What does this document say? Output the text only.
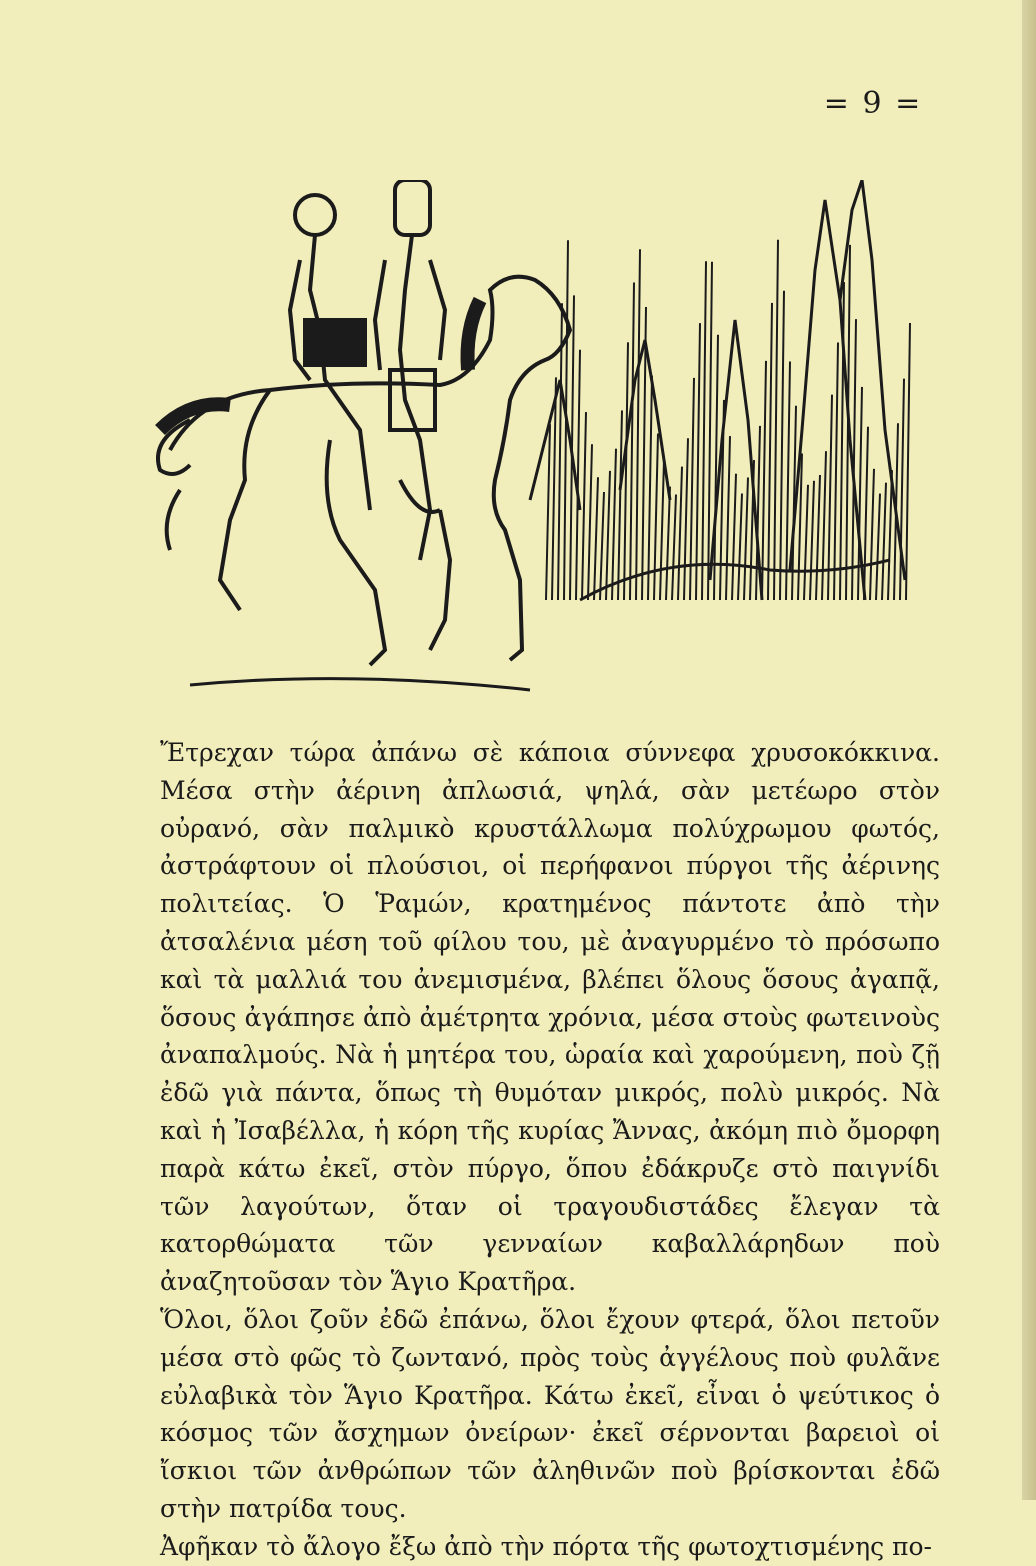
= 9 =

Ἔτρεχαν τώρα ἀπάνω σὲ κάποια σύννεφα χρυσοκόκκινα. Μέσα στὴν ἀέρινη ἀπλωσιά, ψηλά, σὰν μετέωρο στὸν οὐρανό, σὰν παλμικὸ κρυστάλλωμα πολύχρωμου φωτός, ἀστράφτουν οἱ πλούσιοι, οἱ περήφανοι πύργοι τῆς ἀέρινης πολιτείας. Ὁ Ῥαμών, κρατημένος πάντοτε ἀπὸ τὴν ἀτσαλένια μέση τοῦ φίλου του, μὲ ἀναγυρμένο τὸ πρόσωπο καὶ τὰ μαλλιά του ἀνεμισμένα, βλέπει ὅλους ὅσους ἀγαπᾷ, ὅσους ἀγάπησε ἀπὸ ἀμέτρητα χρόνια, μέσα στοὺς φωτεινοὺς ἀναπαλμούς. Νὰ ἡ μητέρα του, ὡραία καὶ χαρούμενη, ποὺ ζῇ ἐδῶ γιὰ πάντα, ὅπως τὴ θυμόταν μικρός, πολὺ μικρός. Νὰ καὶ ἡ Ἰσαβέλλα, ἡ κόρη τῆς κυρίας Ἄννας, ἀκόμη πιὸ ὄμορφη παρὰ κάτω ἐκεῖ, στὸν πύργο, ὅπου ἐδάκρυζε στὸ παιγνίδι τῶν λαγούτων, ὅταν οἱ τραγουδιστάδες ἔλεγαν τὰ κατορθώματα τῶν γενναίων καβαλλάρηδων ποὺ ἀναζητοῦσαν τὸν Ἅγιο Κρατῆρα.

Ὅλοι, ὅλοι ζοῦν ἐδῶ ἐπάνω, ὅλοι ἔχουν φτερά, ὅλοι πετοῦν μέσα στὸ φῶς τὸ ζωντανό, πρὸς τοὺς ἀγγέλους ποὺ φυλᾶνε εὐλαβικὰ τὸν Ἅγιο Κρατῆρα. Κάτω ἐκεῖ, εἶναι ὁ ψεύτικος ὁ κόσμος τῶν ἄσχημων ὀνείρων· ἐκεῖ σέρνονται βαρειοὶ οἱ ἴσκιοι τῶν ἀνθρώπων τῶν ἀληθινῶν ποὺ βρίσκονται ἐδῶ στὴν πατρίδα τους.

Ἀφῆκαν τὸ ἄλογο ἔξω ἀπὸ τὴν πόρτα τῆς φωτοχτισμένης πο-
